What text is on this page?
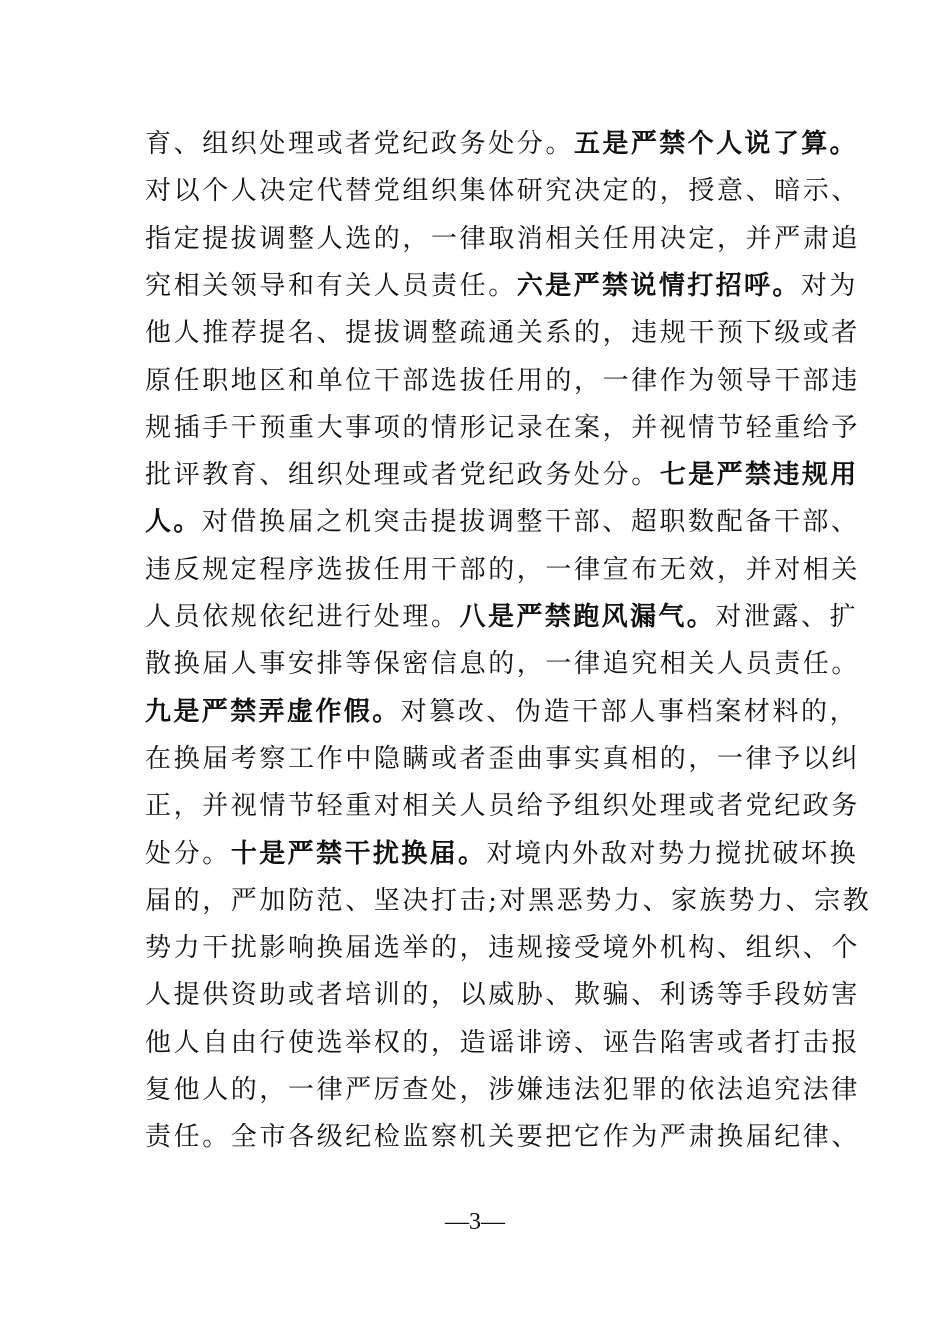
育、组织处理或者党纪政务处分。五是严禁个人说了算。
对以个人决定代替党组织集体研究决定的，授意、暗示、
指定提拔调整人选的，一律取消相关任用决定，并严肃追
究相关领导和有关人员责任。六是严禁说情打招呼。对为
他人推荐提名、提拔调整疏通关系的，违规干预下级或者
原任职地区和单位干部选拔任用的，一律作为领导干部违
规插手干预重大事项的情形记录在案，并视情节轻重给予
批评教育、组织处理或者党纪政务处分。七是严禁违规用
人。对借换届之机突击提拔调整干部、超职数配备干部、
违反规定程序选拔任用干部的，一律宣布无效，并对相关
人员依规依纪进行处理。八是严禁跑风漏气。对泄露、扩
散换届人事安排等保密信息的，一律追究相关人员责任。
九是严禁弄虚作假。对篡改、伪造干部人事档案材料的，
在换届考察工作中隐瞒或者歪曲事实真相的，一律予以纠
正，并视情节轻重对相关人员给予组织处理或者党纪政务
处分。十是严禁干扰换届。对境内外敌对势力搅扰破坏换
届的，严加防范、坚决打击;对黑恶势力、家族势力、宗教
势力干扰影响换届选举的，违规接受境外机构、组织、个
人提供资助或者培训的，以威胁、欺骗、利诱等手段妨害
他人自由行使选举权的，造谣诽谤、诬告陷害或者打击报
复他人的，一律严厉查处，涉嫌违法犯罪的依法追究法律
责任。全市各级纪检监察机关要把它作为严肃换届纪律、
—3—
